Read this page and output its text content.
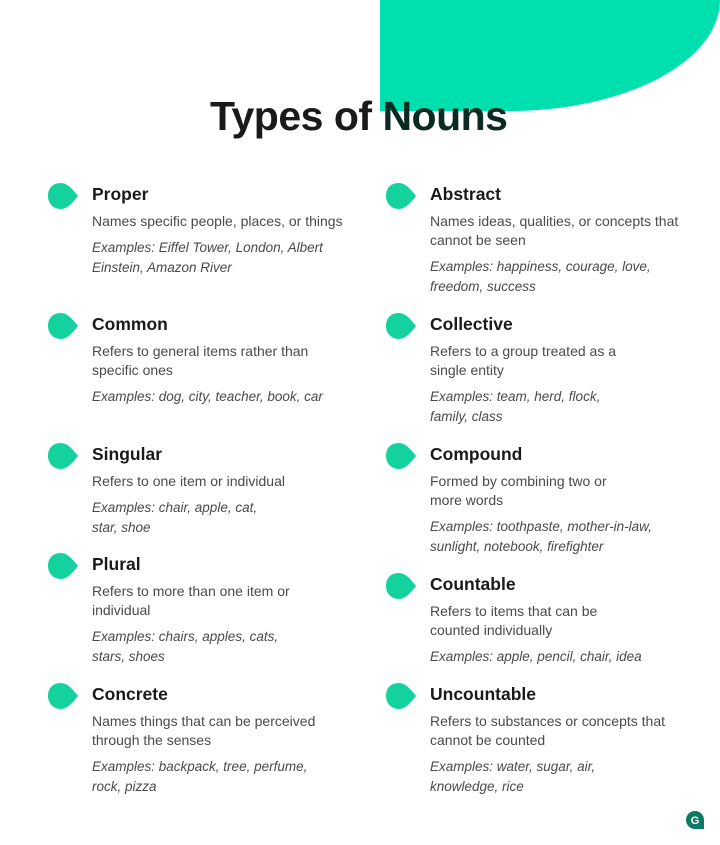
Types of Nouns
Proper

Names specific people, places, or things

Examples: Eiffel Tower, London, Albert Einstein, Amazon River

Common

Refers to general items rather than specific ones

Examples: dog, city, teacher, book, car

Singular

Refers to one item or individual

Examples: chair, apple, cat, star, shoe

Plural

Refers to more than one item or individual

Examples: chairs, apples, cats, stars, shoes

Concrete

Names things that can be perceived through the senses

Examples: backpack, tree, perfume, rock, pizza

Abstract

Names ideas, qualities, or concepts that cannot be seen

Examples: happiness, courage, love, freedom, success

Collective

Refers to a group treated as a single entity

Examples: team, herd, flock, family, class

Compound

Formed by combining two or more words

Examples: toothpaste, mother-in-law, sunlight, notebook, firefighter

Countable

Refers to items that can be counted individually

Examples: apple, pencil, chair, idea

Uncountable

Refers to substances or concepts that cannot be counted

Examples: water, sugar, air, knowledge, rice

G
